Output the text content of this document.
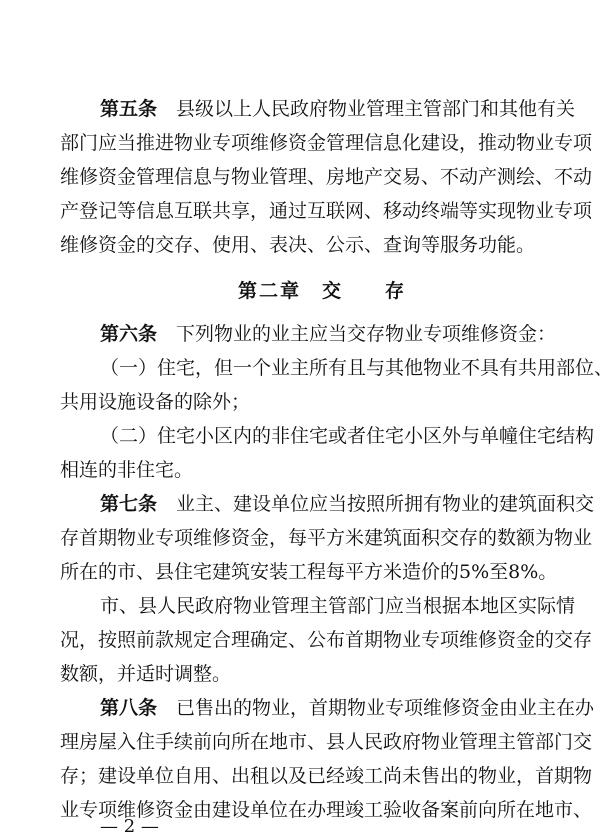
第五条　 县级以上人民政府物业管理主管部门和其他有关
部门应当推进物业专项维修资金管理信息化建设，推动物业专项
维修资金管理信息与物业管理、房地产交易、不动产测绘、不动
产登记等信息互联共享，通过互联网、移动终端等实现物业专项
维修资金的交存、使用、表决、公示、查询等服务功能。
第二章　交　　存
第六条　 下列物业的业主应当交存物业专项维修资金：
（一）住宅，但一个业主所有且与其他物业不具有共用部位、
共用设施设备的除外；
（二）住宅小区内的非住宅或者住宅小区外与单幢住宅结构
相连的非住宅。
第七条　 业主、建设单位应当按照所拥有物业的建筑面积交
存首期物业专项维修资金，每平方米建筑面积交存的数额为物业
所在的市、县住宅建筑安装工程每平方米造价的5%至8%。
市、县人民政府物业管理主管部门应当根据本地区实际情
况，按照前款规定合理确定、公布首期物业专项维修资金的交存
数额，并适时调整。
第八条　 已售出的物业，首期物业专项维修资金由业主在办
理房屋入住手续前向所在地市、县人民政府物业管理主管部门交
存；建设单位自用、出租以及已经竣工尚未售出的物业，首期物
业专项维修资金由建设单位在办理竣工验收备案前向所在地市、
— 2 —
